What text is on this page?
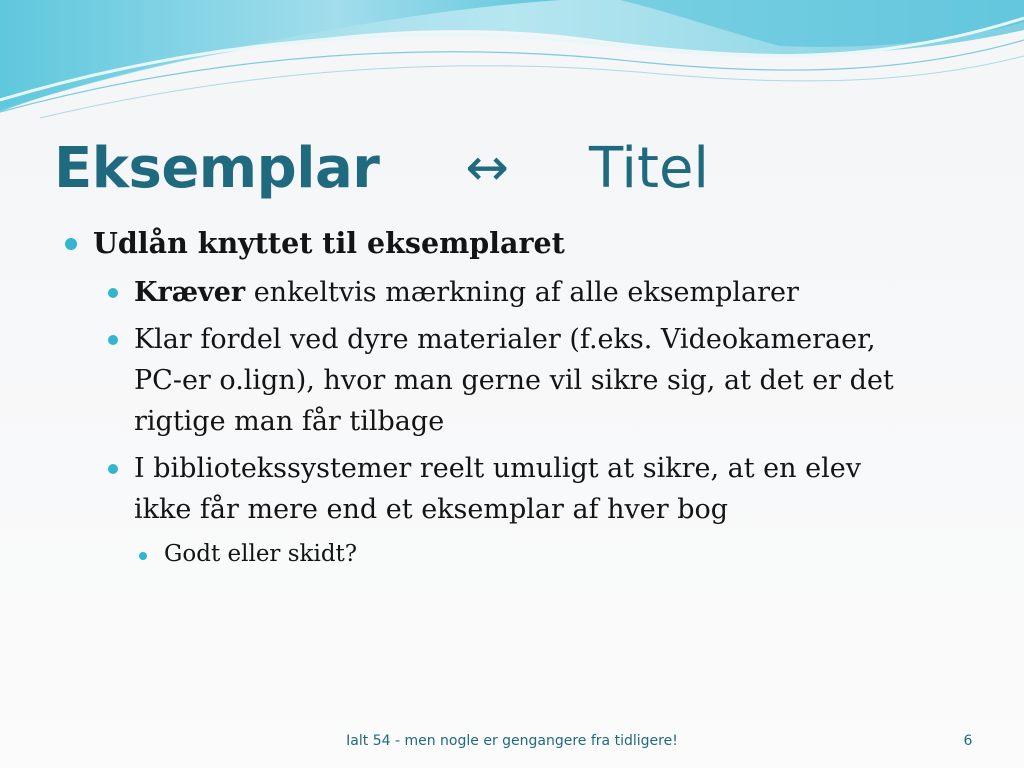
Eksemplar ↔ Titel
Udlån knyttet til eksemplaret
Kræver enkeltvis mærkning af alle eksemplarer
Klar fordel ved dyre materialer (f.eks. Videokameraer,
PC-er o.lign), hvor man gerne vil sikre sig, at det er det
rigtige man får tilbage
I bibliotekssystemer reelt umuligt at sikre, at en elev
ikke får mere end et eksemplar af hver bog
Godt eller skidt?
Ialt 54 - men nogle er gengangere fra tidligere!	6
